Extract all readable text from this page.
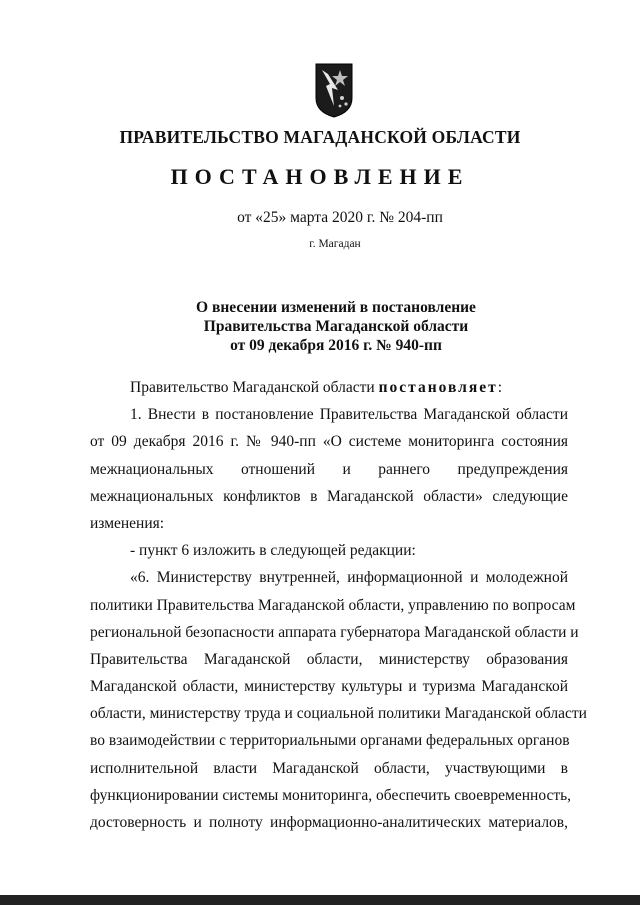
ПРАВИТЕЛЬСТВО МАГАДАНСКОЙ ОБЛАСТИ
ПОСТАНОВЛЕНИЕ
от «25» марта 2020 г. № 204-пп
г. Магадан
О внесении изменений в постановление
Правительства Магаданской области
от 09 декабря 2016 г. № 940-пп
Правительство Магаданской области постановляет:
1. Внести в постановление Правительства Магаданской области
от 09 декабря 2016 г. № 940-пп «О системе мониторинга состояния
межнациональных отношений и раннего предупреждения
межнациональных конфликтов в Магаданской области» следующие
изменения:
- пункт 6 изложить в следующей редакции:
«6. Министерству внутренней, информационной и молодежной
политики Правительства Магаданской области, управлению по вопросам
региональной безопасности аппарата губернатора Магаданской области и
Правительства Магаданской области, министерству образования
Магаданской области, министерству культуры и туризма Магаданской
области, министерству труда и социальной политики Магаданской области
во взаимодействии с территориальными органами федеральных органов
исполнительной власти Магаданской области, участвующими в
функционировании системы мониторинга, обеспечить своевременность,
достоверность и полноту информационно-аналитических материалов,
